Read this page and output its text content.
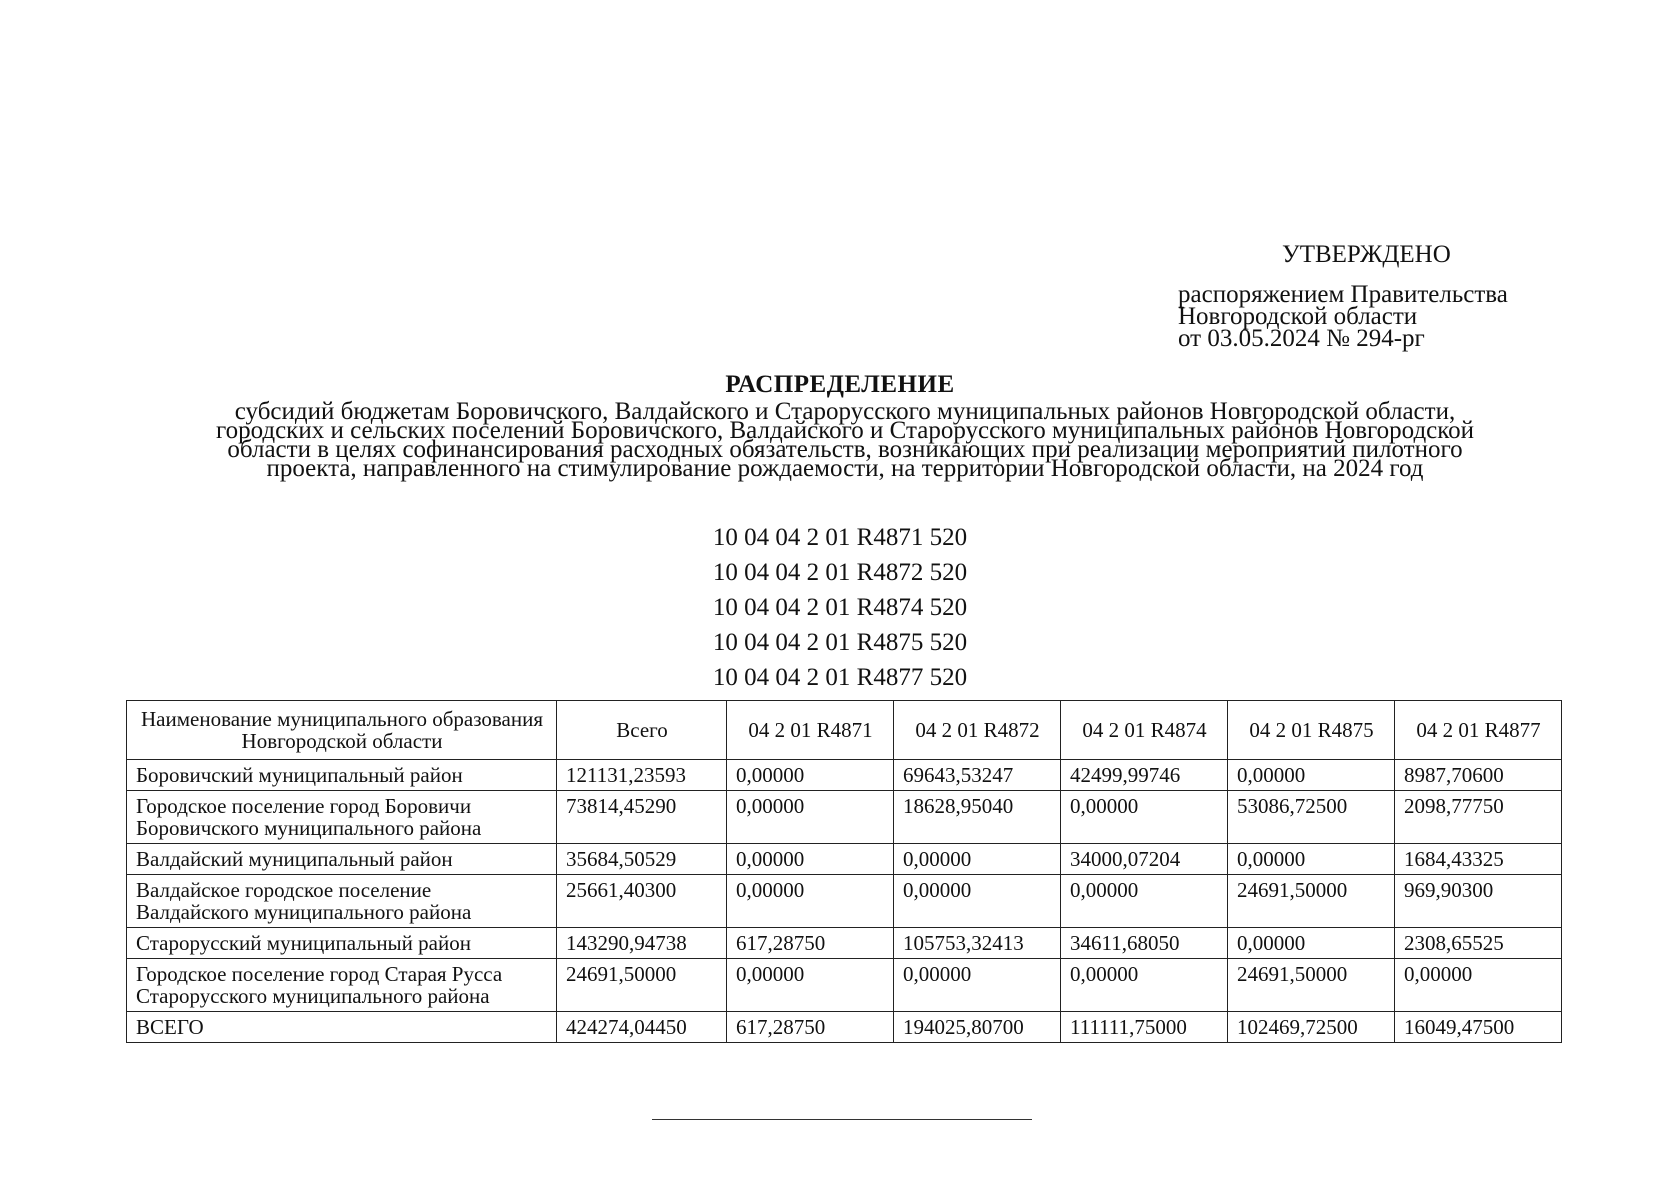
УТВЕРЖДЕНО
распоряжением Правительства
Новгородской области
от 03.05.2024 № 294-рг
РАСПРЕДЕЛЕНИЕ
субсидий бюджетам Боровичского, Валдайского и Старорусского муниципальных районов Новгородской области,
городских и сельских поселений Боровичского, Валдайского и Старорусского муниципальных районов Новгородской
области в целях софинансирования расходных обязательств, возникающих при реализации мероприятий пилотного
проекта, направленного на стимулирование рождаемости, на территории Новгородской области, на 2024 год
10 04 04 2 01 R4871 520
10 04 04 2 01 R4872 520
10 04 04 2 01 R4874 520
10 04 04 2 01 R4875 520
10 04 04 2 01 R4877 520
Наименование муниципального образования Новгородской области	Всего	04 2 01 R4871	04 2 01 R4872	04 2 01 R4874	04 2 01 R4875	04 2 01 R4877
Боровичский муниципальный район	121131,23593	0,00000	69643,53247	42499,99746	0,00000	8987,70600
Городское поселение город Боровичи Боровичского муниципального района	73814,45290	0,00000	18628,95040	0,00000	53086,72500	2098,77750
Валдайский муниципальный район	35684,50529	0,00000	0,00000	34000,07204	0,00000	1684,43325
Валдайское городское поселение Валдайского муниципального района	25661,40300	0,00000	0,00000	0,00000	24691,50000	969,90300
Старорусский муниципальный район	143290,94738	617,28750	105753,32413	34611,68050	0,00000	2308,65525
Городское поселение город Старая Русса Старорусского муниципального района	24691,50000	0,00000	0,00000	0,00000	24691,50000	0,00000
ВСЕГО	424274,04450	617,28750	194025,80700	111111,75000	102469,72500	16049,47500
